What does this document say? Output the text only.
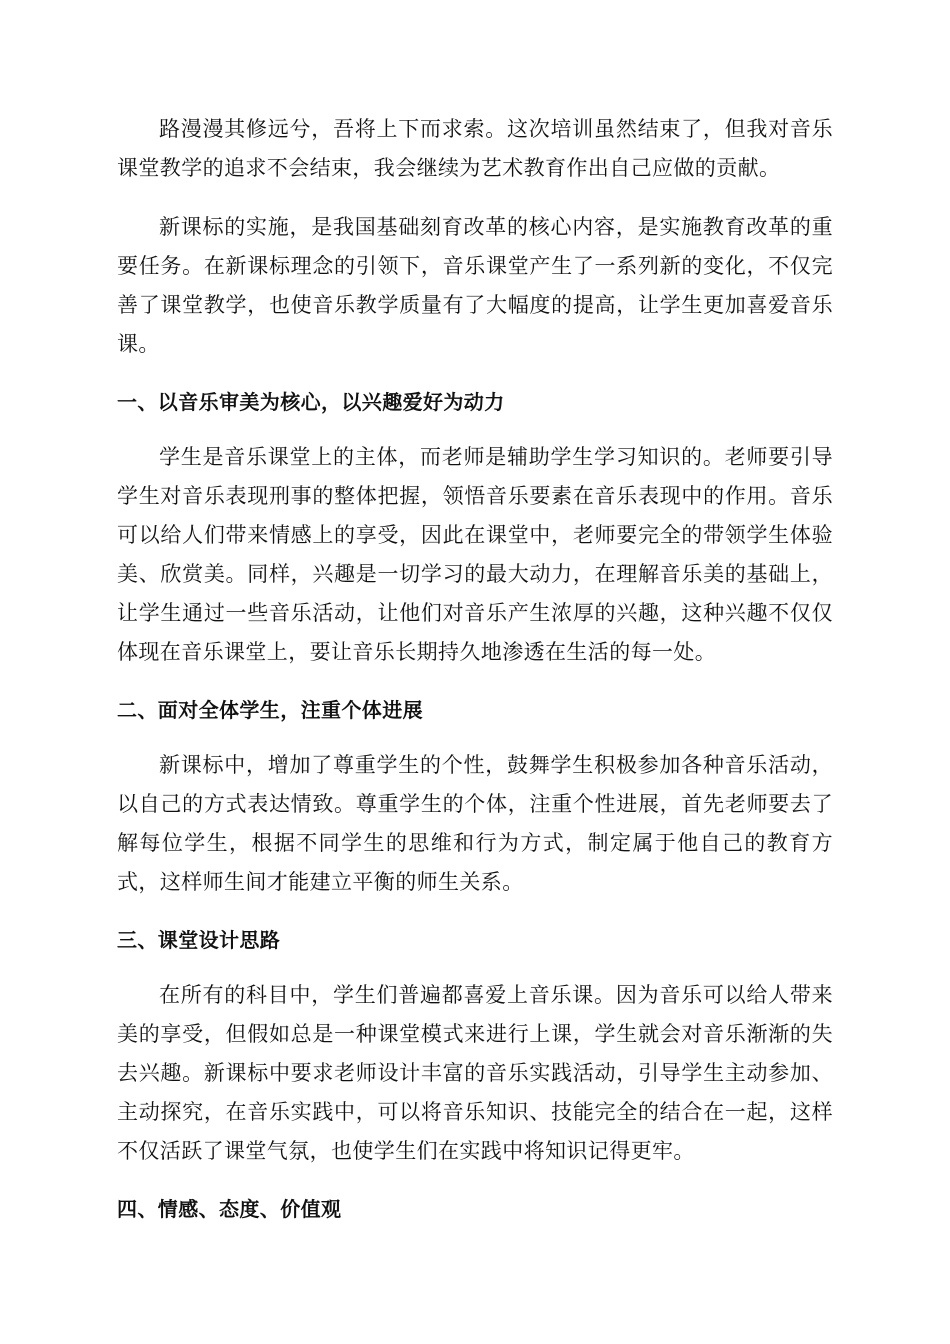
路漫漫其修远兮，吾将上下而求索。这次培训虽然结束了，但我对音乐课堂教学的追求不会结束，我会继续为艺术教育作出自己应做的贡献。

新课标的实施，是我国基础刻育改革的核心内容，是实施教育改革的重要任务。在新课标理念的引领下，音乐课堂产生了一系列新的变化，不仅完善了课堂教学，也使音乐教学质量有了大幅度的提高，让学生更加喜爱音乐课。

一、以音乐审美为核心，以兴趣爱好为动力

学生是音乐课堂上的主体，而老师是辅助学生学习知识的。老师要引导学生对音乐表现刑事的整体把握，领悟音乐要素在音乐表现中的作用。音乐可以给人们带来情感上的享受，因此在课堂中，老师要完全的带领学生体验美、欣赏美。同样，兴趣是一切学习的最大动力，在理解音乐美的基础上，让学生通过一些音乐活动，让他们对音乐产生浓厚的兴趣，这种兴趣不仅仅体现在音乐课堂上，要让音乐长期持久地渗透在生活的每一处。

二、面对全体学生，注重个体进展

新课标中，增加了尊重学生的个性，鼓舞学生积极参加各种音乐活动，以自己的方式表达情致。尊重学生的个体，注重个性进展，首先老师要去了解每位学生，根据不同学生的思维和行为方式，制定属于他自己的教育方式，这样师生间才能建立平衡的师生关系。

三、课堂设计思路

在所有的科目中，学生们普遍都喜爱上音乐课。因为音乐可以给人带来美的享受，但假如总是一种课堂模式来进行上课，学生就会对音乐渐渐的失去兴趣。新课标中要求老师设计丰富的音乐实践活动，引导学生主动参加、主动探究，在音乐实践中，可以将音乐知识、技能完全的结合在一起，这样不仅活跃了课堂气氛，也使学生们在实践中将知识记得更牢。

四、情感、态度、价值观
